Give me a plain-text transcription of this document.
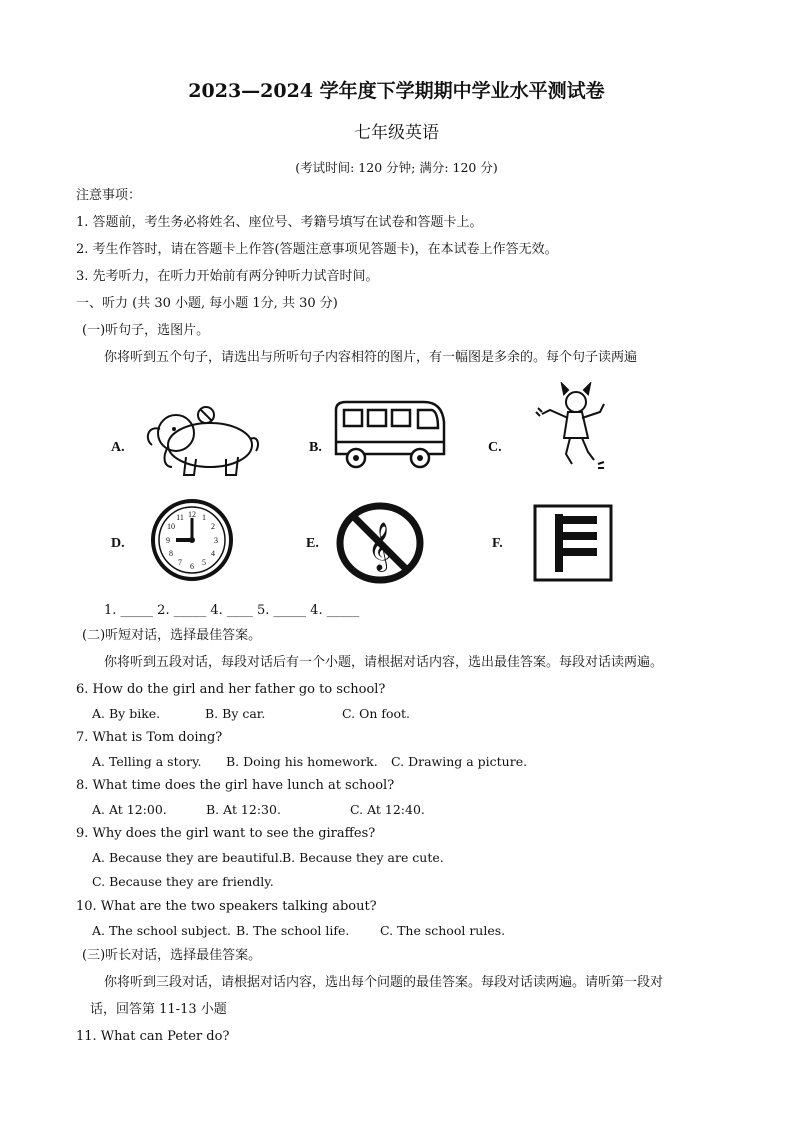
2023—2024 学年度下学期期中学业水平测试卷
七年级英语
(考试时间: 120 分钟; 满分: 120 分)
注意事项：
1. 答题前，考生务必将姓名、座位号、考籍号填写在试卷和答题卡上。
2. 考生作答时，请在答题卡上作答(答题注意事项见答题卡)，在本试卷上作答无效。
3. 先考听力，在听力开始前有两分钟听力试音时间。
一、听力 (共 30 小题, 每小题 1分, 共 30 分)
(一)听句子，选图片。
你将听到五个句子，请选出与所听句子内容相符的图片，有一幅图是多余的。每个句子读两遍
A.	B.	C.
D.
12 1
2
3
4
5
6
7
8
9
10
11
E. 𝄞	F.
1. _____ 2. _____ 4. ____ 5. _____ 4. _____
(二)听短对话，选择最佳答案。
你将听到五段对话，每段对话后有一个小题，请根据对话内容，选出最佳答案。每段对话读两遍。
6. How do the girl and her father go to school?
A. By bike.	B. By car.	C. On foot.
7. What is Tom doing?
A. Telling a story. B. Doing his homework. C. Drawing a picture.
8. What time does the girl have lunch at school?
A. At 12:00.	B. At 12:30.	C. At 12:40.
9. Why does the girl want to see the giraffes?
A. Because they are beautiful. B. Because they are cute.
C. Because they are friendly.
10. What are the two speakers talking about?
A. The school subject. B. The school life. C. The school rules.
(三)听长对话，选择最佳答案。
你将听到三段对话，请根据对话内容，选出每个问题的最佳答案。每段对话读两遍。请听第一段对
话，回答第 11-13 小题
11. What can Peter do?
